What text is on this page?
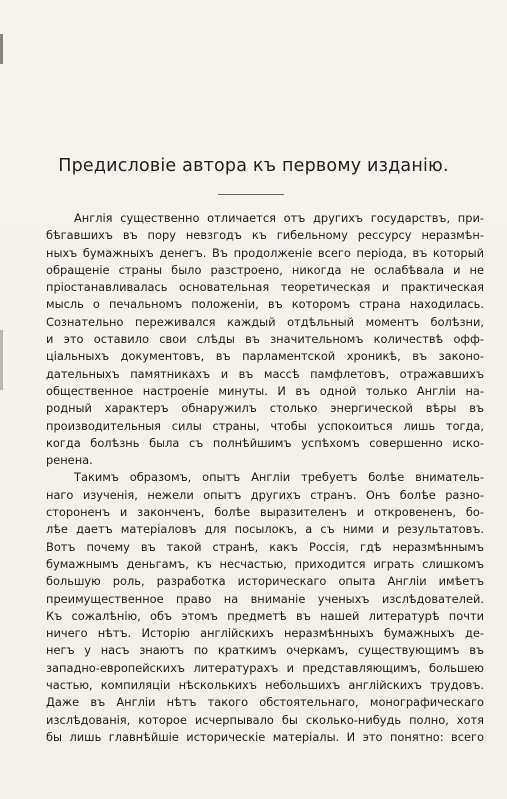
Предисловіе автора къ первому изданію.
Англія существенно отличается отъ другихъ государствъ, при-
бѣгавшихъ въ пору невзгодъ къ гибельному ресcурсу неразмѣн-
ныхъ бумажныхъ денегъ. Въ продолженіе всего періода, въ который
обращеніе страны было разстроено, никогда не ослабѣвала и не
пріостанавливалась основательная теоретическая и практическая
мысль о печальномъ положеніи, въ которомъ страна находилась.
Сознательно переживался каждый отдѣльный моментъ болѣзни,
и это оставило свои слѣды въ значительномъ количествѣ офф-
ціальныхъ документовъ, въ парламентской хроникѣ, въ законо-
дательныхъ памятникахъ и въ массѣ памфлетовъ, отражавшихъ
общественное настроеніе минуты. И въ одной только Англіи на-
родный характеръ обнаружилъ столько энергической вѣры въ
производительныя силы страны, чтобы успокоиться лишь тогда,
когда болѣзнь была съ полнѣйшимъ успѣхомъ совершенно иско-
ренена.
Такимъ образомъ, опытъ Англіи требуетъ болѣе вниматель-
наго изученія, нежели опытъ другихъ странъ. Онъ болѣе разно-
стороненъ и законченъ, болѣе выразителенъ и откровененъ, бо-
лѣе даетъ матеріаловъ для посылокъ, а съ ними и результатовъ.
Вотъ почему въ такой странѣ, какъ Россія, гдѣ неразмѣннымъ
бумажнымъ деньгамъ, къ несчастью, приходится играть слишкомъ
большую роль, разработка историческаго опыта Англіи имѣетъ
преимущественное право на вниманіе ученыхъ изслѣдователей.
Къ сожалѣнію, объ этомъ предметѣ въ нашей литературѣ почти
ничего нѣтъ. Исторію англійскихъ неразмѣнныхъ бумажныхъ де-
негъ у насъ знаютъ по краткимъ очеркамъ, существующимъ въ
западно-европейскихъ литературахъ и представляющимъ, большею
частью, компиляціи нѣсколькихъ небольшихъ англійскихъ трудовъ.
Даже въ Англіи нѣтъ такого обстоятельнаго, монографическаго
изслѣдованія, которое исчерпывало бы сколько-нибудь полно, хотя
бы лишь главнѣйшіе историческіе матеріалы. И это понятно: всего
